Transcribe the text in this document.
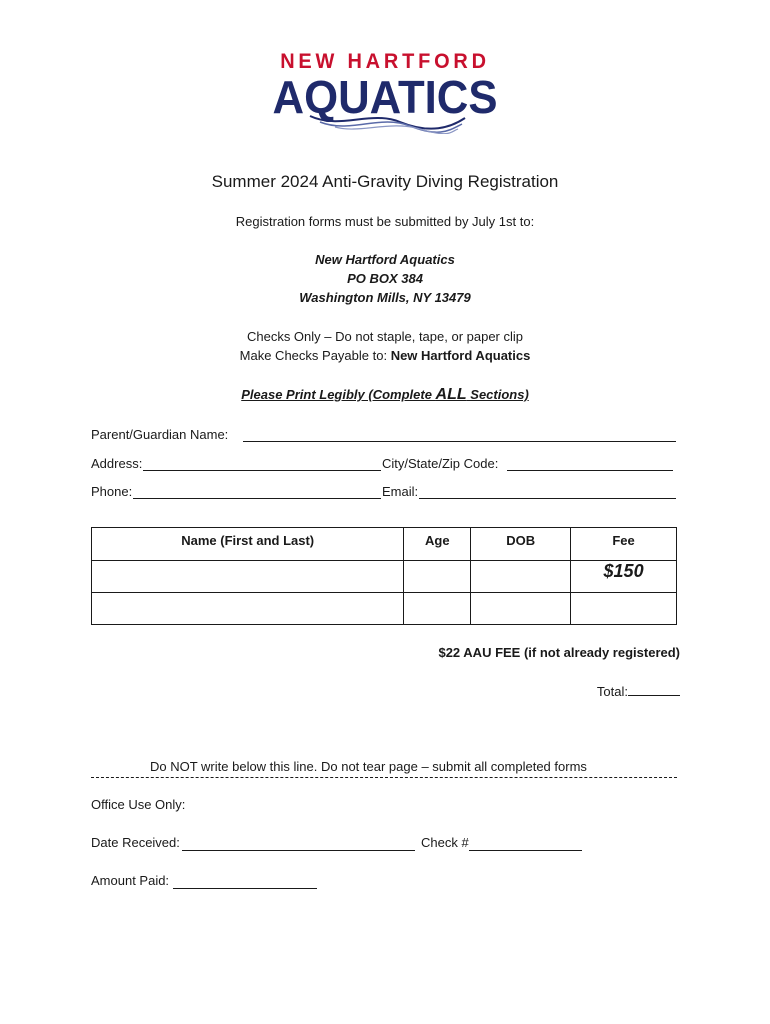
NEW HARTFORD
AQUATICS
Summer 2024 Anti-Gravity Diving Registration
Registration forms must be submitted by July 1st to:
New Hartford Aquatics
PO BOX 384
Washington Mills, NY 13479
Checks Only – Do not staple, tape, or paper clip
Make Checks Payable to: New Hartford Aquatics
Please Print Legibly (Complete ALL Sections)
Parent/Guardian Name:
Address:	City/State/Zip Code:
Phone:	Email:
Name (First and Last)	Age	DOB	Fee
			$150

$22 AAU FEE (if not already registered)
Total:
Do NOT write below this line. Do not tear page – submit all completed forms
Office Use Only:
Date Received:	Check #
Amount Paid:
